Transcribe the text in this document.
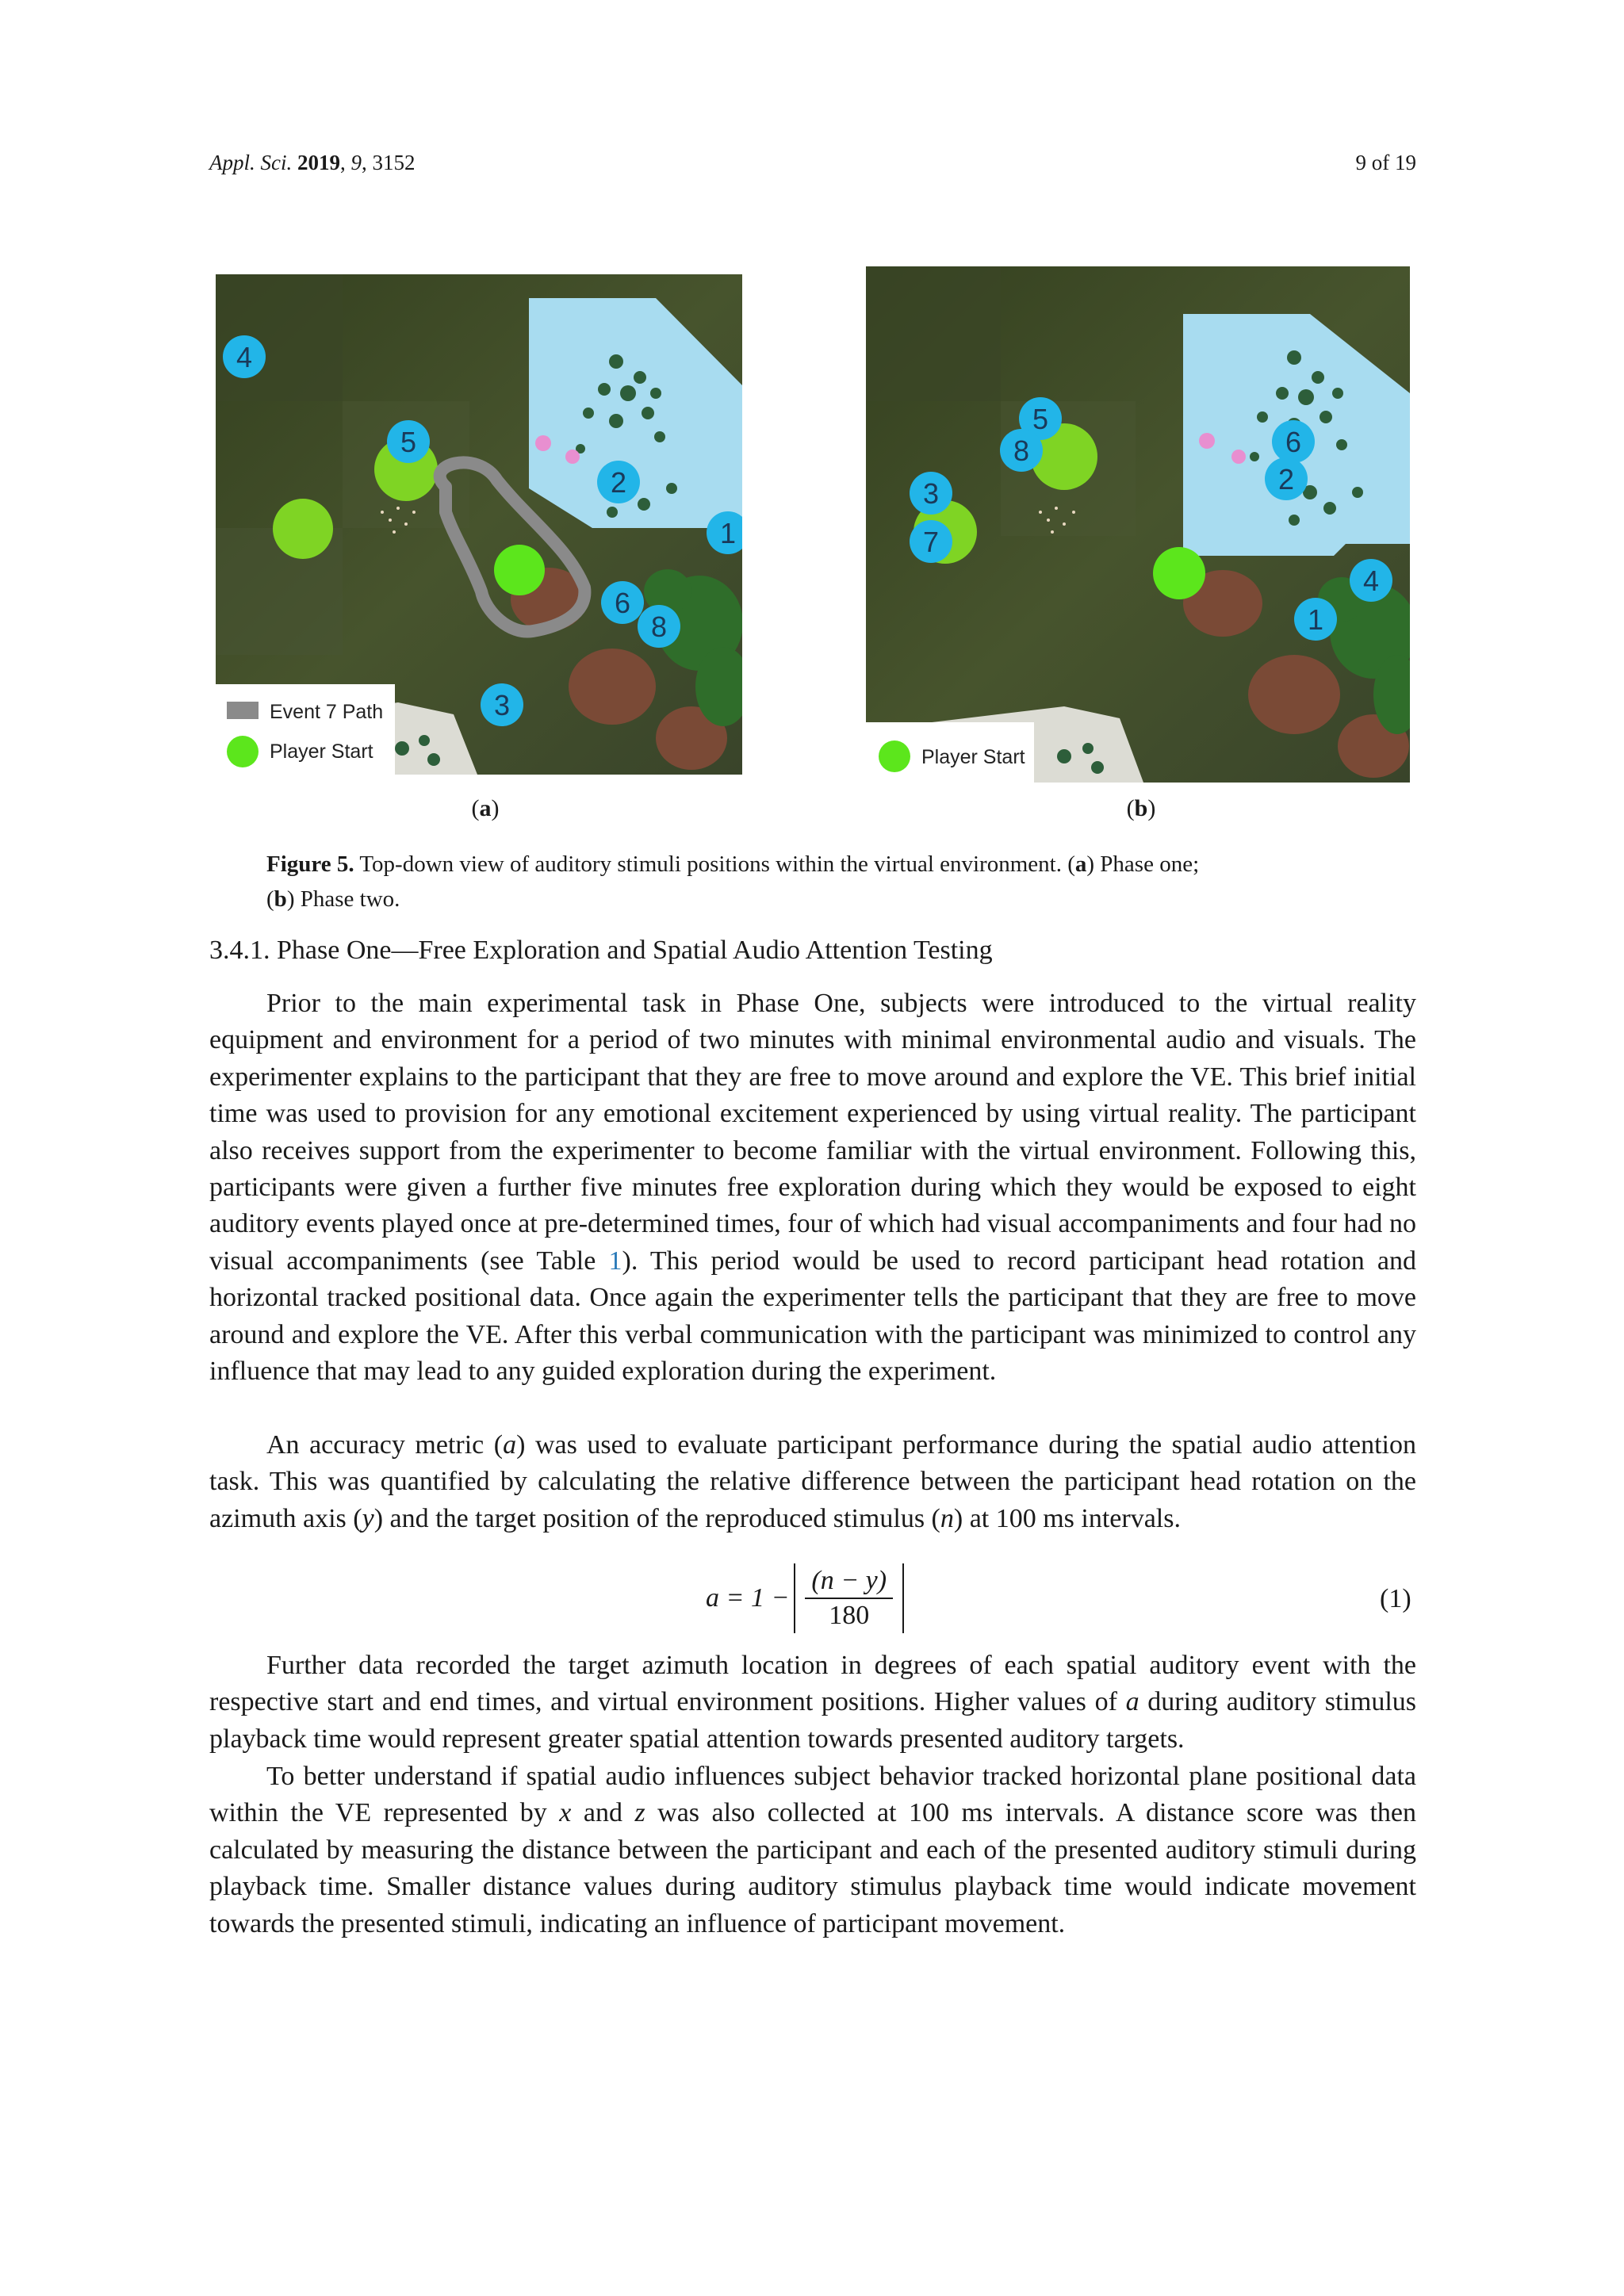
Appl. Sci. 2019, 9, 3152	9 of 19
4
5
2
1
6
8
3
Event 7 Path
Player Start
5
8
3
7
6
2
4
1
Player Start
(a)	(b)
Figure 5. Top-down view of auditory stimuli positions within the virtual environment. (a) Phase one;
(b) Phase two.
3.4.1. Phase One—Free Exploration and Spatial Audio Attention Testing

Prior to the main experimental task in Phase One, subjects were introduced to the virtual reality equipment and environment for a period of two minutes with minimal environmental audio and visuals. The experimenter explains to the participant that they are free to move around and explore the VE. This brief initial time was used to provision for any emotional excitement experienced by using virtual reality. The participant also receives support from the experimenter to become familiar with the virtual environment. Following this, participants were given a further five minutes free exploration during which they would be exposed to eight auditory events played once at pre-determined times, four of which had visual accompaniments and four had no visual accompaniments (see Table 1). This period would be used to record participant head rotation and horizontal tracked positional data. Once again the experimenter tells the participant that they are free to move around and explore the VE. After this verbal communication with the participant was minimized to control any influence that may lead to any guided exploration during the experiment.

An accuracy metric (a) was used to evaluate participant performance during the spatial audio attention task. This was quantified by calculating the relative difference between the participant head rotation on the azimuth axis (y) and the target position of the reproduced stimulus (n) at 100 ms intervals.

$a = 1 - \frac{(n - y)}{180}$	(1)

Further data recorded the target azimuth location in degrees of each spatial auditory event with the respective start and end times, and virtual environment positions. Higher values of a during auditory stimulus playback time would represent greater spatial attention towards presented auditory targets.

To better understand if spatial audio influences subject behavior tracked horizontal plane positional data within the VE represented by x and z was also collected at 100 ms intervals. A distance score was then calculated by measuring the distance between the participant and each of the presented auditory stimuli during playback time. Smaller distance values during auditory stimulus playback time would indicate movement towards the presented stimuli, indicating an influence of participant movement.
